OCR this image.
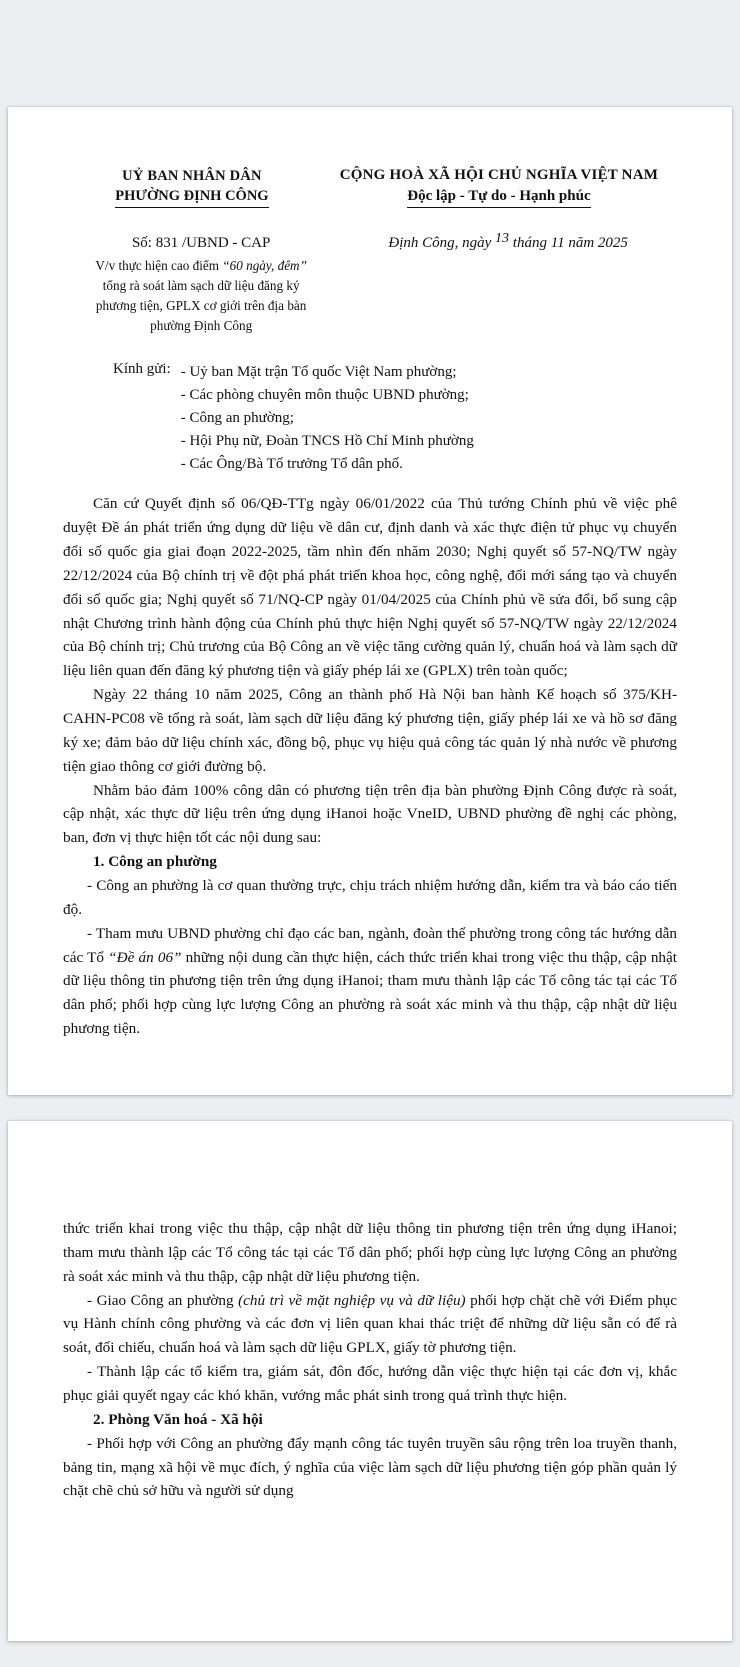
UỶ BAN NHÂN DÂN
PHƯỜNG ĐỊNH CÔNG
CỘNG HOÀ XÃ HỘI CHỦ NGHĨA VIỆT NAM
Độc lập - Tự do - Hạnh phúc
Số: 831 /UBND - CAP
V/v thực hiện cao điểm “60 ngày, đêm”
tổng rà soát làm sạch dữ liệu đăng ký
phương tiện, GPLX cơ giới trên địa bàn
phường Định Công
Định Công, ngày 13 tháng 11 năm 2025
Kính gửi: - Uỷ ban Mặt trận Tổ quốc Việt Nam phường;
- Các phòng chuyên môn thuộc UBND phường;
- Công an phường;
- Hội Phụ nữ, Đoàn TNCS Hồ Chí Minh phường
- Các Ông/Bà Tổ trưởng Tổ dân phố.

Căn cứ Quyết định số 06/QĐ-TTg ngày 06/01/2022 của Thủ tướng Chính phủ về việc phê duyệt Đề án phát triển ứng dụng dữ liệu về dân cư, định danh và xác thực điện tử phục vụ chuyển đổi số quốc gia giai đoạn 2022-2025, tầm nhìn đến nhăm 2030; Nghị quyết số 57-NQ/TW ngày 22/12/2024 của Bộ chính trị về đột phá phát triển khoa học, công nghệ, đổi mới sáng tạo và chuyển đổi số quốc gia; Nghị quyết số 71/NQ-CP ngày 01/04/2025 của Chính phủ về sửa đổi, bổ sung cập nhật Chương trình hành động của Chính phủ thực hiện Nghị quyết số 57-NQ/TW ngày 22/12/2024 của Bộ chính trị; Chủ trương của Bộ Công an về việc tăng cường quản lý, chuẩn hoá và làm sạch dữ liệu liên quan đến đăng ký phương tiện và giấy phép lái xe (GPLX) trên toàn quốc;

Ngày 22 tháng 10 năm 2025, Công an thành phố Hà Nội ban hành Kế hoạch số 375/KH-CAHN-PC08 về tổng rà soát, làm sạch dữ liệu đăng ký phương tiện, giấy phép lái xe và hồ sơ đăng ký xe; đảm bảo dữ liệu chính xác, đồng bộ, phục vụ hiệu quả công tác quản lý nhà nước về phương tiện giao thông cơ giới đường bộ.

Nhằm bảo đảm 100% công dân có phương tiện trên địa bàn phường Định Công được rà soát, cập nhật, xác thực dữ liệu trên ứng dụng iHanoi hoặc VneID, UBND phường đề nghị các phòng, ban, đơn vị thực hiện tốt các nội dung sau:

1. Công an phường

- Công an phường là cơ quan thường trực, chịu trách nhiệm hướng dẫn, kiểm tra và báo cáo tiến độ.

- Tham mưu UBND phường chỉ đạo các ban, ngành, đoàn thể phường trong công tác hướng dẫn các Tổ “Đề án 06” những nội dung cần thực hiện, cách thức triển khai trong việc thu thập, cập nhật dữ liệu thông tin phương tiện trên ứng dụng iHanoi; tham mưu thành lập các Tổ công tác tại các Tổ dân phố; phối hợp cùng lực lượng Công an phường rà soát xác minh và thu thập, cập nhật dữ liệu phương tiện.

thức triển khai trong việc thu thập, cập nhật dữ liệu thông tin phương tiện trên ứng dụng iHanoi; tham mưu thành lập các Tổ công tác tại các Tổ dân phố; phối hợp cùng lực lượng Công an phường rà soát xác minh và thu thập, cập nhật dữ liệu phương tiện.

- Giao Công an phường (chủ trì về mặt nghiệp vụ và dữ liệu) phối hợp chặt chẽ với Điểm phục vụ Hành chính công phường và các đơn vị liên quan khai thác triệt để những dữ liệu sẵn có để rà soát, đối chiếu, chuẩn hoá và làm sạch dữ liệu GPLX, giấy tờ phương tiện.

- Thành lập các tổ kiểm tra, giám sát, đôn đốc, hướng dẫn việc thực hiện tại các đơn vị, khắc phục giải quyết ngay các khó khăn, vướng mắc phát sinh trong quá trình thực hiện.

2. Phòng Văn hoá - Xã hội

- Phối hợp với Công an phường đẩy mạnh công tác tuyên truyền sâu rộng trên loa truyền thanh, bảng tin, mạng xã hội về mục đích, ý nghĩa của việc làm sạch dữ liệu phương tiện góp phần quản lý chặt chẽ chủ sở hữu và người sử dụng
